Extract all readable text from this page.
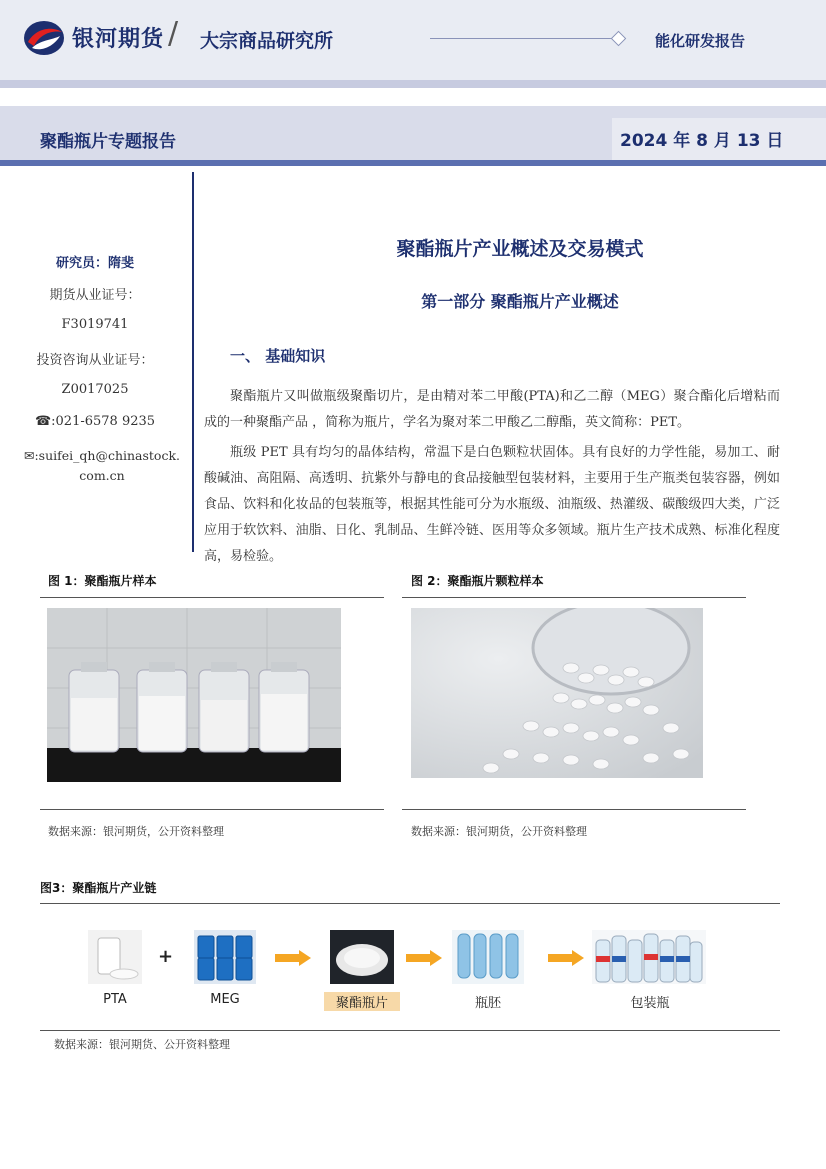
银河期货 / 大宗商品研究所	能化研发报告
聚酯瓶片专题报告	2024 年 8 月 13 日
研究员：隋斐
期货从业证号：
F3019741
投资咨询从业证号：
Z0017025
☎:021-6578 9235
✉:suifei_qh@chinastock.com.cn
聚酯瓶片产业概述及交易模式
第一部分 聚酯瓶片产业概述
一、 基础知识
聚酯瓶片又叫做瓶级聚酯切片，是由精对苯二甲酸(PTA)和乙二醇（MEG）聚合酯化后增粘而成的一种聚酯产品 ，简称为瓶片，学名为聚对苯二甲酸乙二醇酯，英文简称：PET。
瓶级 PET 具有均匀的晶体结构，常温下是白色颗粒状固体。具有良好的力学性能，易加工、耐酸碱油、高阻隔、高透明、抗紫外与静电的食品接触型包装材料，主要用于生产瓶类包装容器，例如食品、饮料和化妆品的包装瓶等，根据其性能可分为水瓶级、油瓶级、热灌级、碳酸级四大类，广泛应用于软饮料、油脂、日化、乳制品、生鲜冷链、医用等众多领域。瓶片生产技术成熟、标准化程度高，易检验。
图 1：聚酯瓶片样本
数据来源：银河期货，公开资料整理
图 2：聚酯瓶片颗粒样本
数据来源：银河期货，公开资料整理
图3：聚酯瓶片产业链
+
PTA	MEG	聚酯瓶片	瓶胚	包装瓶
数据来源：银河期货、公开资料整理
